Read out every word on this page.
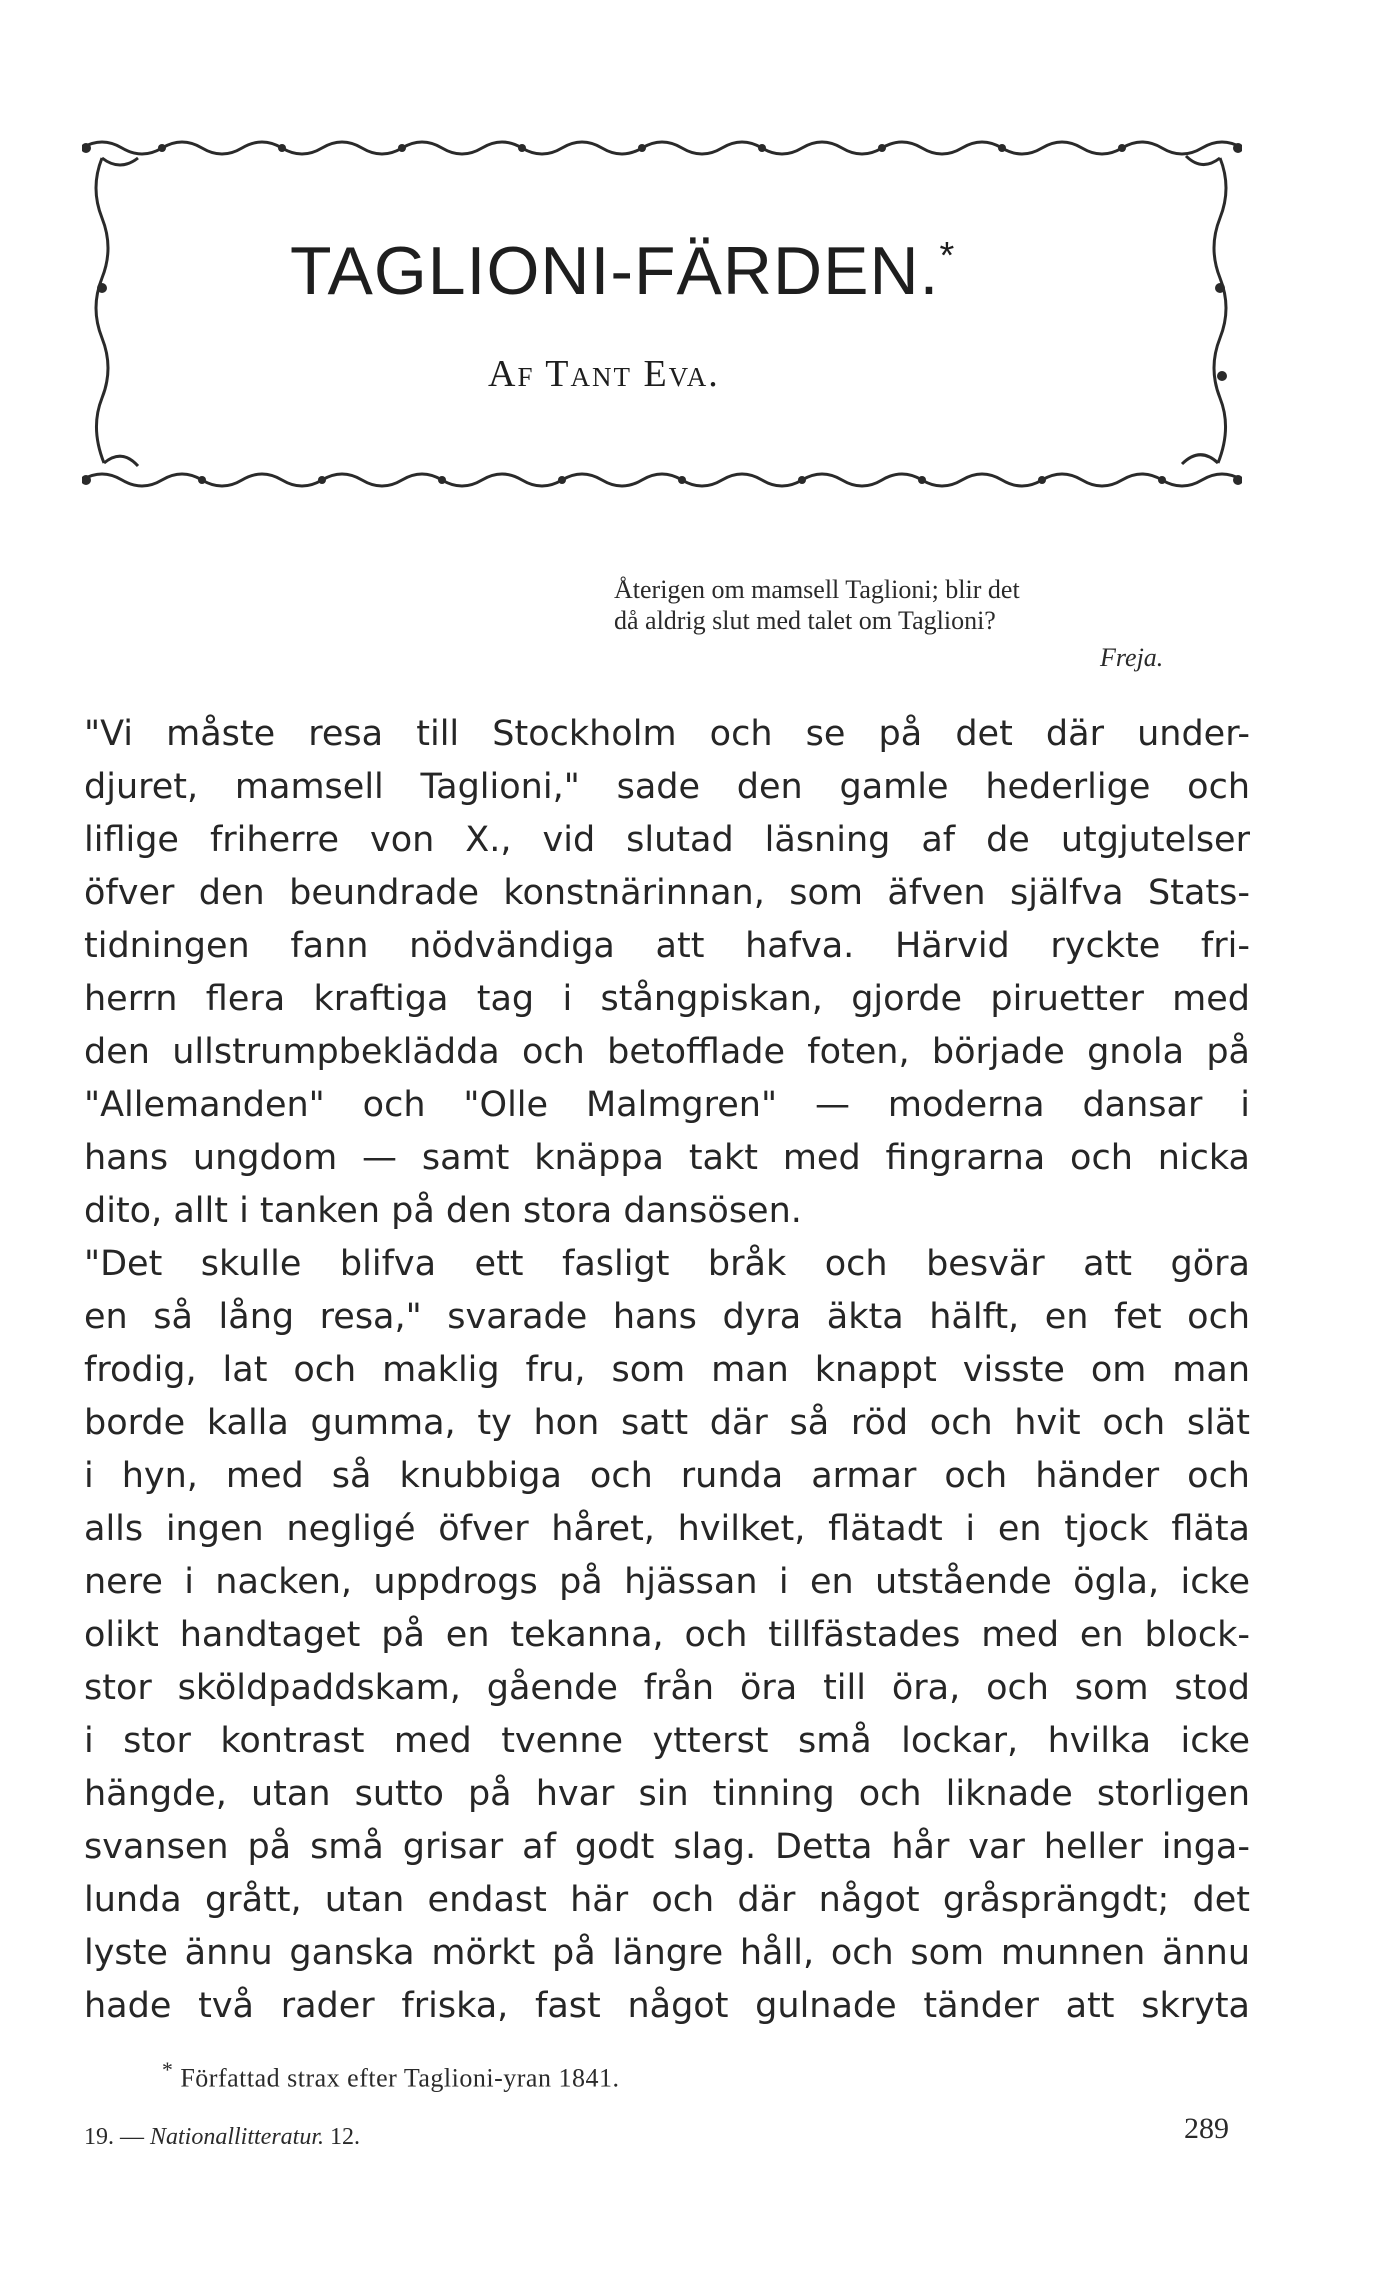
TAGLIONI-FÄRDEN.*
Af Tant Eva.
Återigen om mamsell Taglioni; blir det
då aldrig slut med talet om Taglioni?
Freja.
"Vi måste resa till Stockholm och se på det där under-
djuret, mamsell Taglioni," sade den gamle hederlige och
liflige friherre von X., vid slutad läsning af de utgjutelser
öfver den beundrade konstnärinnan, som äfven själfva Stats-
tidningen fann nödvändiga att hafva. Härvid ryckte fri-
herrn flera kraftiga tag i stångpiskan, gjorde piruetter med
den ullstrumpbeklädda och betofflade foten, började gnola på
"Allemanden" och "Olle Malmgren" — moderna dansar i
hans ungdom — samt knäppa takt med fingrarna och nicka
dito, allt i tanken på den stora dansösen.
"Det skulle blifva ett fasligt bråk och besvär att göra
en så lång resa," svarade hans dyra äkta hälft, en fet och
frodig, lat och maklig fru, som man knappt visste om man
borde kalla gumma, ty hon satt där så röd och hvit och slät
i hyn, med så knubbiga och runda armar och händer och
alls ingen negligé öfver håret, hvilket, flätadt i en tjock fläta
nere i nacken, uppdrogs på hjässan i en utstående ögla, icke
olikt handtaget på en tekanna, och tillfästades med en block-
stor sköldpaddskam, gående från öra till öra, och som stod
i stor kontrast med tvenne ytterst små lockar, hvilka icke
hängde, utan sutto på hvar sin tinning och liknade storligen
svansen på små grisar af godt slag. Detta hår var heller inga-
lunda grått, utan endast här och där något gråsprängdt; det
lyste ännu ganska mörkt på längre håll, och som munnen ännu
hade två rader friska, fast något gulnade tänder att skryta
* Författad strax efter Taglioni-yran 1841.
19. — Nationallitteratur. 12.	289
